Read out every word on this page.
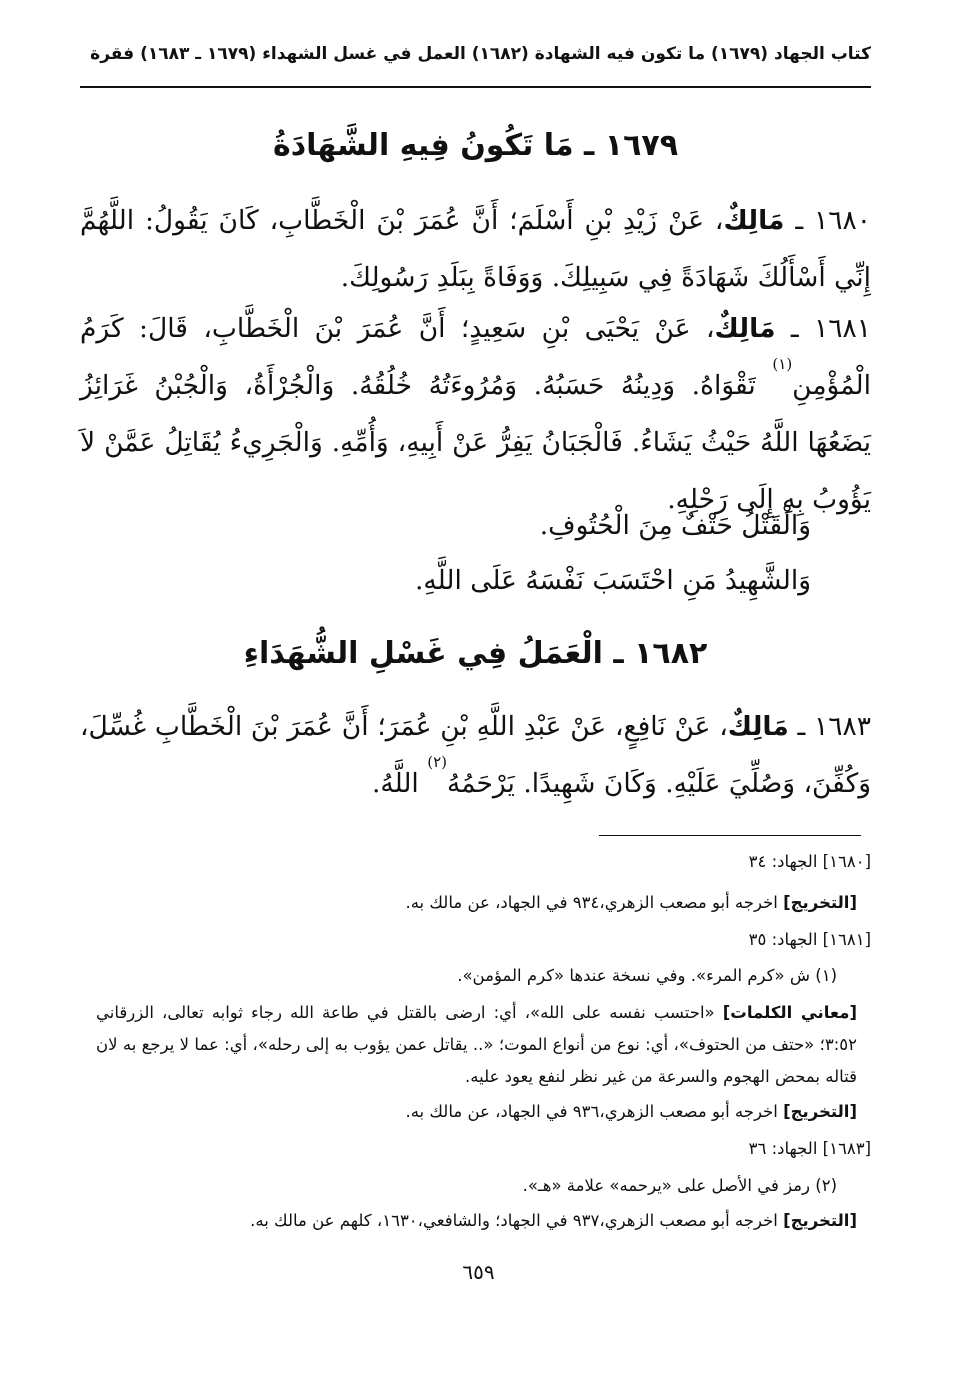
كتاب الجهاد (١٦٧٩) ما تكون فيه الشهادة (١٦٨٢) العمل في غسل الشهداء (١٦٧٩ ـ ١٦٨٣) فقرة
١٦٧٩ ـ مَا تَكُونُ فِيهِ الشَّهَادَةُ
١٦٨٠ ـ مَالِكٌ، عَنْ زَيْدِ بْنِ أَسْلَمَ؛ أَنَّ عُمَرَ بْنَ الْخَطَّابِ، كَانَ يَقُولُ: اللَّهُمَّ إِنِّي أَسْأَلُكَ شَهَادَةً فِي سَبِيلِكَ. وَوَفَاةً بِبَلَدِ رَسُولِكَ.
١٦٨١ ـ مَالِكٌ، عَنْ يَحْيَى بْنِ سَعِيدٍ؛ أَنَّ عُمَرَ بْنَ الْخَطَّابِ، قَالَ: كَرَمُ الْمُؤْمِنِ$^{(١)}$ تَقْوَاهُ. وَدِينُهُ حَسَبُهُ. وَمُرُوءَتُهُ خُلُقُهُ. وَالْجُرْأَةُ، وَالْجُبْنُ غَرَائِزُ يَضَعُهَا اللَّهُ حَيْثُ يَشَاءُ. فَالْجَبَانُ يَفِرُّ عَنْ أَبِيهِ، وَأُمِّهِ. وَالْجَرِيءُ يُقَاتِلُ عَمَّنْ لاَ يَؤُوبُ بِهِ إِلَى رَحْلِهِ.
وَالْقَتْلُ حَتْفٌ مِنَ الْحُتُوفِ.
وَالشَّهِيدُ مَنِ احْتَسَبَ نَفْسَهُ عَلَى اللَّهِ.
١٦٨٢ ـ الْعَمَلُ فِي غَسْلِ الشُّهَدَاءِ
١٦٨٣ ـ مَالِكٌ، عَنْ نَافِعٍ، عَنْ عَبْدِ اللَّهِ بْنِ عُمَرَ؛ أَنَّ عُمَرَ بْنَ الْخَطَّابِ غُسِّلَ، وَكُفِّنَ، وَصُلِّيَ عَلَيْهِ. وَكَانَ شَهِيدًا. يَرْحَمُهُ$^{(٢)}$ اللَّهُ.
[١٦٨٠] الجهاد: ٣٤
[التخريج] اخرجه أبو مصعب الزهري،٩٣٤ في الجهاد، عن مالك به.
[١٦٨١] الجهاد: ٣٥
(١) ش «كرم المرء». وفي نسخة عندها «كرم المؤمن».
[معاني الكلمات] «احتسب نفسه على الله»، أي: ارضى بالقتل في طاعة الله رجاء ثوابه تعالى، الزرقاني ٣:٥٢؛ «حتف من الحتوف»، أي: نوع من أنواع الموت؛ «.. يقاتل عمن يؤوب به إلى رحله»، أي: عما لا يرجع به لان قتاله بمحض الهجوم والسرعة من غير نظر لنفع يعود عليه.
[التخريج] اخرجه أبو مصعب الزهري،٩٣٦ في الجهاد، عن مالك به.
[١٦٨٣] الجهاد: ٣٦
(٢) رمز في الأصل على «يرحمه» علامة «هـ».
[التخريج] اخرجه أبو مصعب الزهري،٩٣٧ في الجهاد؛ والشافعي،١٦٣٠، كلهم عن مالك به.
٦٥٩
